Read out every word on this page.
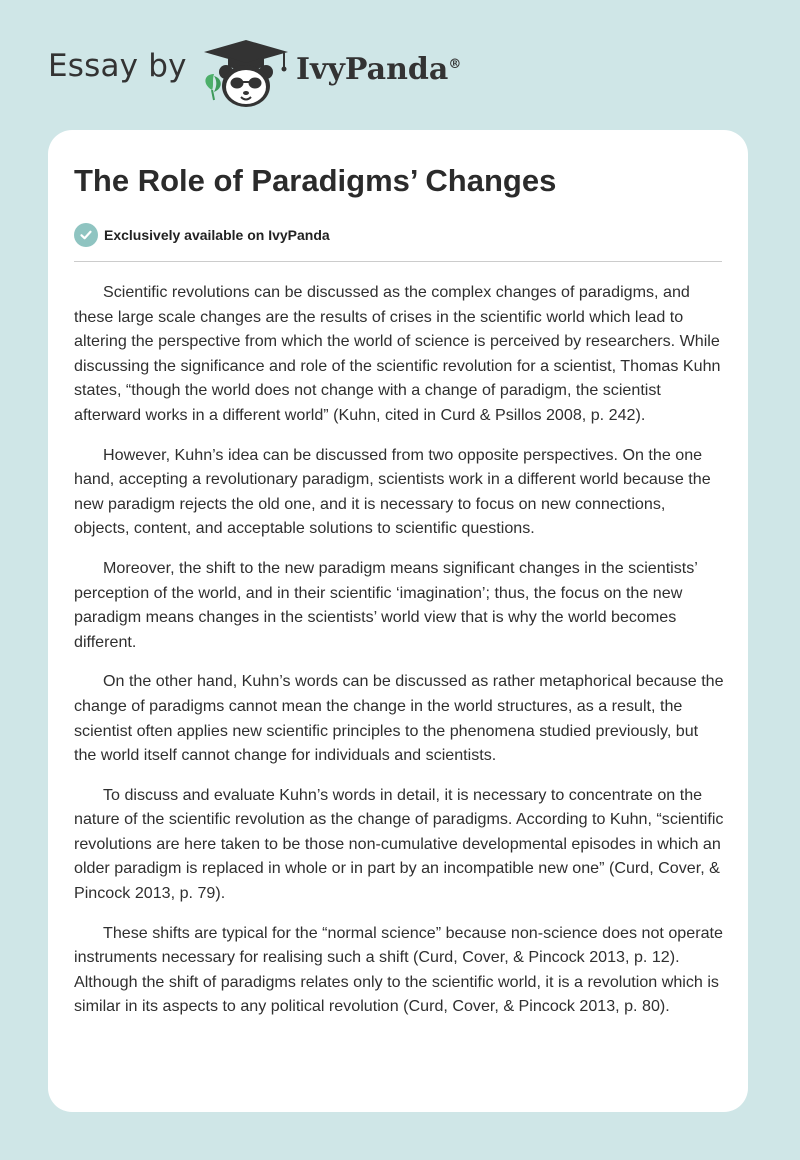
Essay by	IvyPanda®
The Role of Paradigms’ Changes
Exclusively available on IvyPanda

Scientific revolutions can be discussed as the complex changes of paradigms, and these large scale changes are the results of crises in the scientific world which lead to altering the perspective from which the world of science is perceived by researchers. While discussing the significance and role of the scientific revolution for a scientist, Thomas Kuhn states, “though the world does not change with a change of paradigm, the scientist afterward works in a different world” (Kuhn, cited in Curd & Psillos 2008, p. 242).

However, Kuhn’s idea can be discussed from two opposite perspectives. On the one hand, accepting a revolutionary paradigm, scientists work in a different world because the new paradigm rejects the old one, and it is necessary to focus on new connections, objects, content, and acceptable solutions to scientific questions.

Moreover, the shift to the new paradigm means significant changes in the scientists’ perception of the world, and in their scientific ‘imagination’; thus, the focus on the new paradigm means changes in the scientists’ world view that is why the world becomes different.

On the other hand, Kuhn’s words can be discussed as rather metaphorical because the change of paradigms cannot mean the change in the world structures, as a result, the scientist often applies new scientific principles to the phenomena studied previously, but the world itself cannot change for individuals and scientists.

To discuss and evaluate Kuhn’s words in detail, it is necessary to concentrate on the nature of the scientific revolution as the change of paradigms. According to Kuhn, “scientific revolutions are here taken to be those non-cumulative developmental episodes in which an older paradigm is replaced in whole or in part by an incompatible new one” (Curd, Cover, & Pincock 2013, p. 79).

These shifts are typical for the “normal science” because non-science does not operate instruments necessary for realising such a shift (Curd, Cover, & Pincock 2013, p. 12). Although the shift of paradigms relates only to the scientific world, it is a revolution which is similar in its aspects to any political revolution (Curd, Cover, & Pincock 2013, p. 80).
